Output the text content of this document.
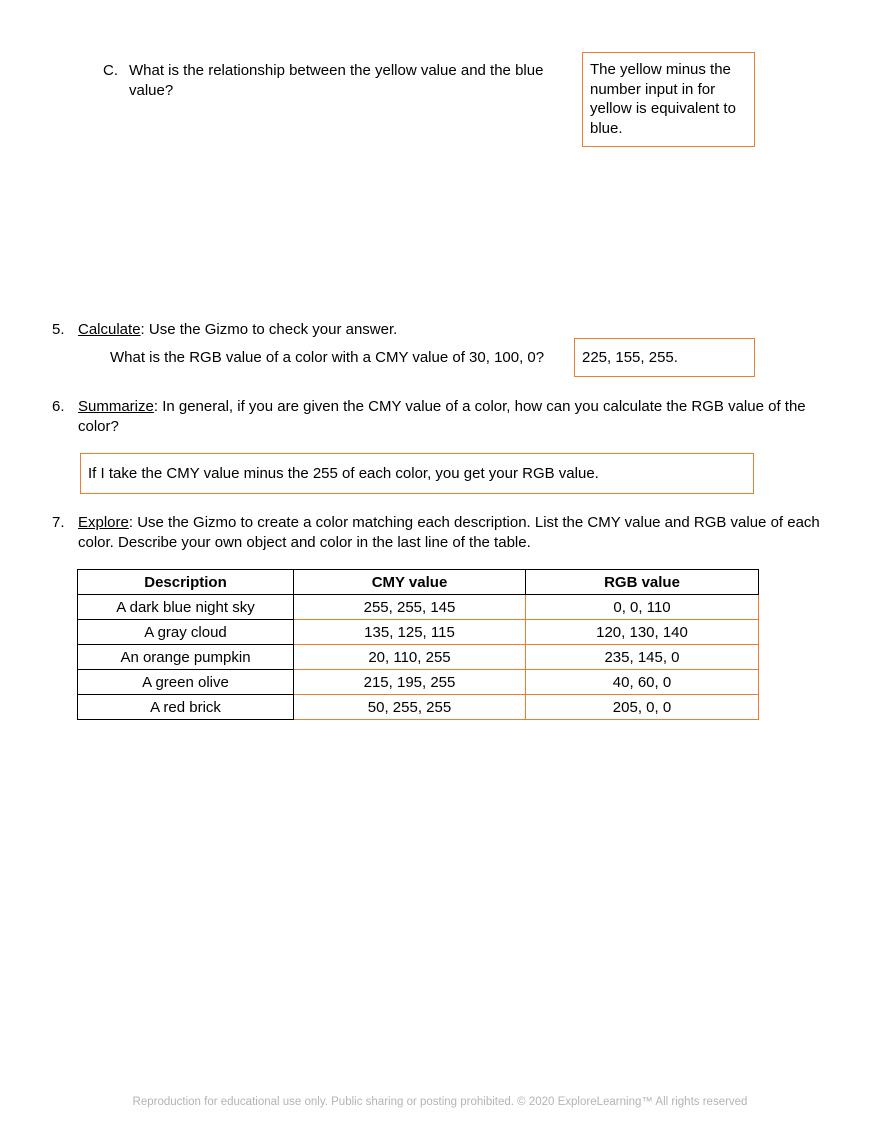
C. What is the relationship between the yellow value and the blue value?
The yellow minus the number input in for yellow is equivalent to blue.
5. Calculate: Use the Gizmo to check your answer.
What is the RGB value of a color with a CMY value of 30, 100, 0?	225, 155, 255.
6. Summarize: In general, if you are given the CMY value of a color, how can you calculate the RGB value of the color?
If I take the CMY value minus the 255 of each color, you get your RGB value.
7. Explore: Use the Gizmo to create a color matching each description. List the CMY value and RGB value of each color. Describe your own object and color in the last line of the table.
Description	CMY value	RGB value
A dark blue night sky	255, 255, 145	0, 0, 110
A gray cloud	135, 125, 115	120, 130, 140
An orange pumpkin	20, 110, 255	235, 145, 0
A green olive	215, 195, 255	40, 60, 0
A red brick	50, 255, 255	205, 0, 0
Reproduction for educational use only. Public sharing or posting prohibited. © 2020 ExploreLearning™ All rights reserved
